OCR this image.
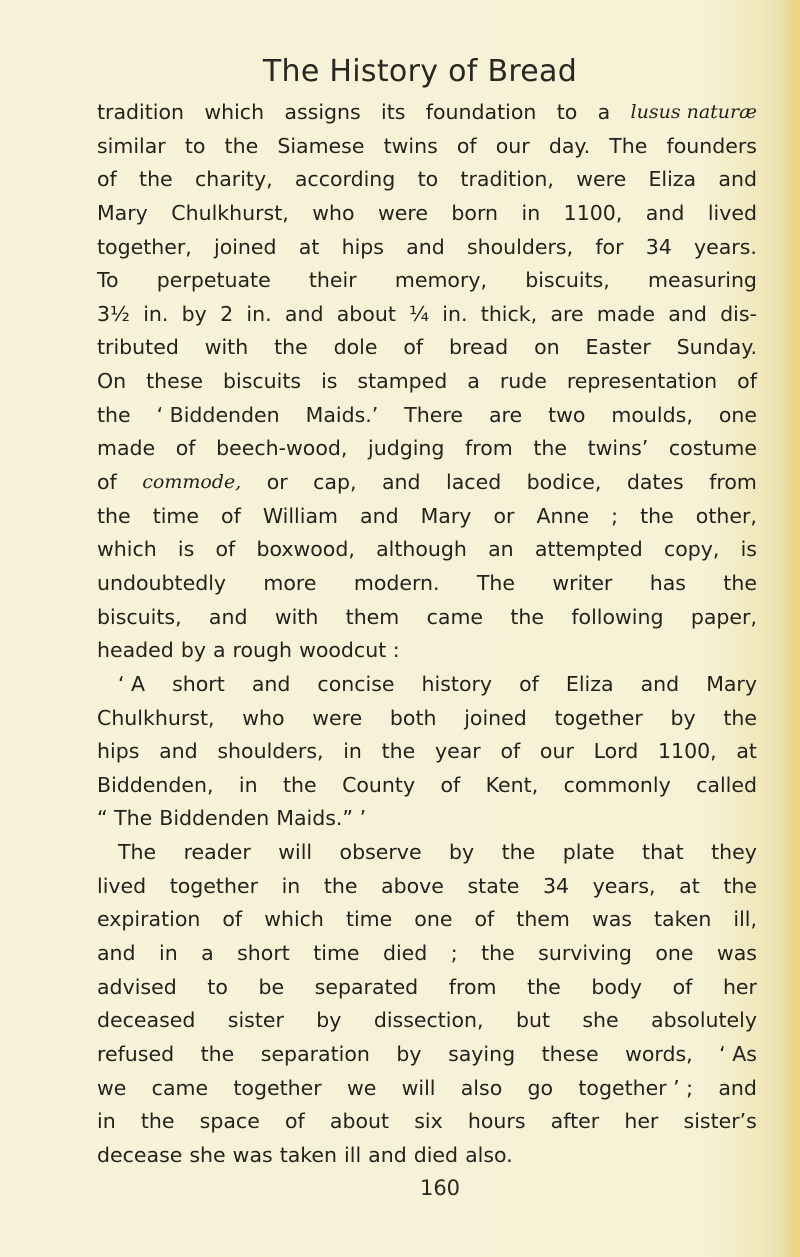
The History of Bread
tradition which assigns its foundation to a lusus naturæ
similar to the Siamese twins of our day. The founders
of the charity, according to tradition, were Eliza and
Mary Chulkhurst, who were born in 1100, and lived
together, joined at hips and shoulders, for 34 years.
To perpetuate their memory, biscuits, measuring
3½ in. by 2 in. and about ¼ in. thick, are made and dis-
tributed with the dole of bread on Easter Sunday.
On these biscuits is stamped a rude representation of
the ‘ Biddenden Maids.’ There are two moulds, one
made of beech-wood, judging from the twins’ costume
of commode, or cap, and laced bodice, dates from
the time of William and Mary or Anne ; the other,
which is of boxwood, although an attempted copy, is
undoubtedly more modern. The writer has the
biscuits, and with them came the following paper,
headed by a rough woodcut :
‘ A short and concise history of Eliza and Mary
Chulkhurst, who were both joined together by the
hips and shoulders, in the year of our Lord 1100, at
Biddenden, in the County of Kent, commonly called
“ The Biddenden Maids.” ’
The reader will observe by the plate that they
lived together in the above state 34 years, at the
expiration of which time one of them was taken ill,
and in a short time died ; the surviving one was
advised to be separated from the body of her
deceased sister by dissection, but she absolutely
refused the separation by saying these words, ‘ As
we came together we will also go together ’ ; and
in the space of about six hours after her sister’s
decease she was taken ill and died also.
160
